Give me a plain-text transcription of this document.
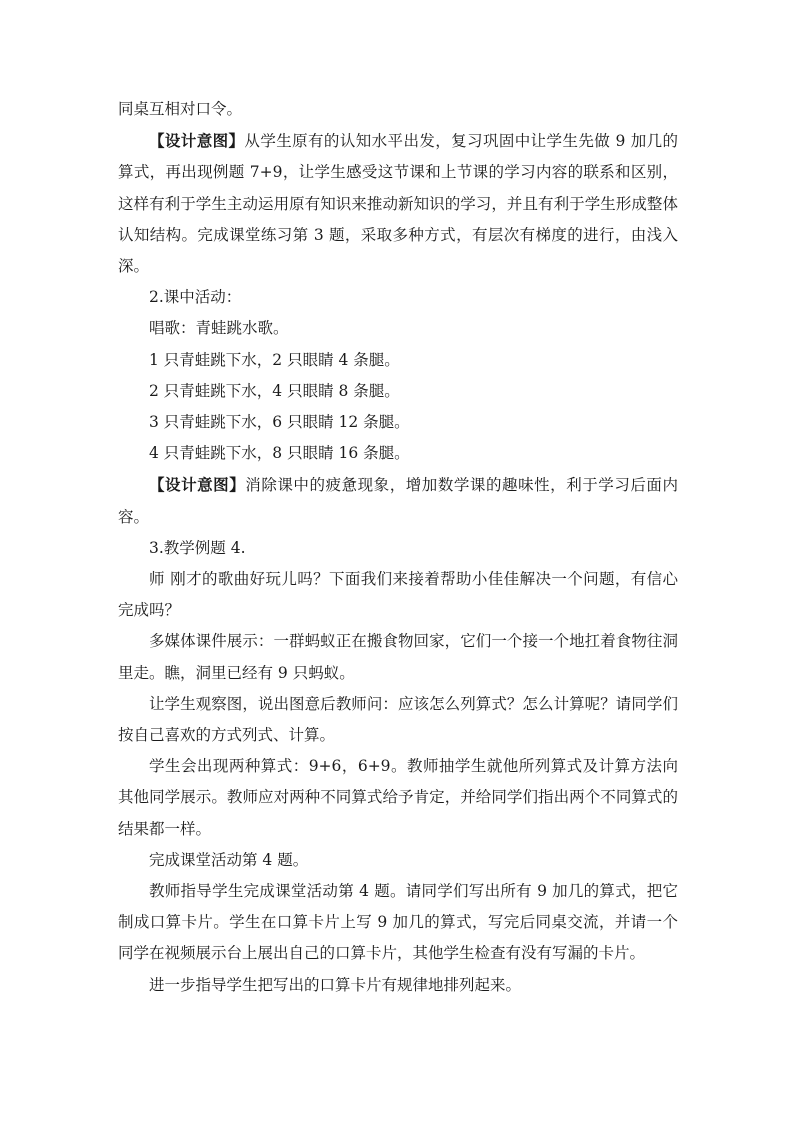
同桌互相对口令。

【设计意图】从学生原有的认知水平出发，复习巩固中让学生先做 9 加几的算式，再出现例题 7+9，让学生感受这节课和上节课的学习内容的联系和区别，这样有利于学生主动运用原有知识来推动新知识的学习，并且有利于学生形成整体认知结构。完成课堂练习第 3 题，采取多种方式，有层次有梯度的进行，由浅入深。

2.课中活动：

唱歌：青蛙跳水歌。

1 只青蛙跳下水，2 只眼睛 4 条腿。

2 只青蛙跳下水，4 只眼睛 8 条腿。

3 只青蛙跳下水，6 只眼睛 12 条腿。

4 只青蛙跳下水，8 只眼睛 16 条腿。

【设计意图】消除课中的疲惫现象，增加数学课的趣味性，利于学习后面内容。

3.教学例题 4.

师 刚才的歌曲好玩儿吗？下面我们来接着帮助小佳佳解决一个问题，有信心完成吗？

多媒体课件展示：一群蚂蚁正在搬食物回家，它们一个接一个地扛着食物往洞里走。瞧，洞里已经有 9 只蚂蚁。

让学生观察图，说出图意后教师问：应该怎么列算式？怎么计算呢？请同学们按自己喜欢的方式列式、计算。

学生会出现两种算式：9+6，6+9。教师抽学生就他所列算式及计算方法向其他同学展示。教师应对两种不同算式给予肯定，并给同学们指出两个不同算式的结果都一样。

完成课堂活动第 4 题。

教师指导学生完成课堂活动第 4 题。请同学们写出所有 9 加几的算式，把它制成口算卡片。学生在口算卡片上写 9 加几的算式，写完后同桌交流，并请一个同学在视频展示台上展出自己的口算卡片，其他学生检查有没有写漏的卡片。

进一步指导学生把写出的口算卡片有规律地排列起来。
